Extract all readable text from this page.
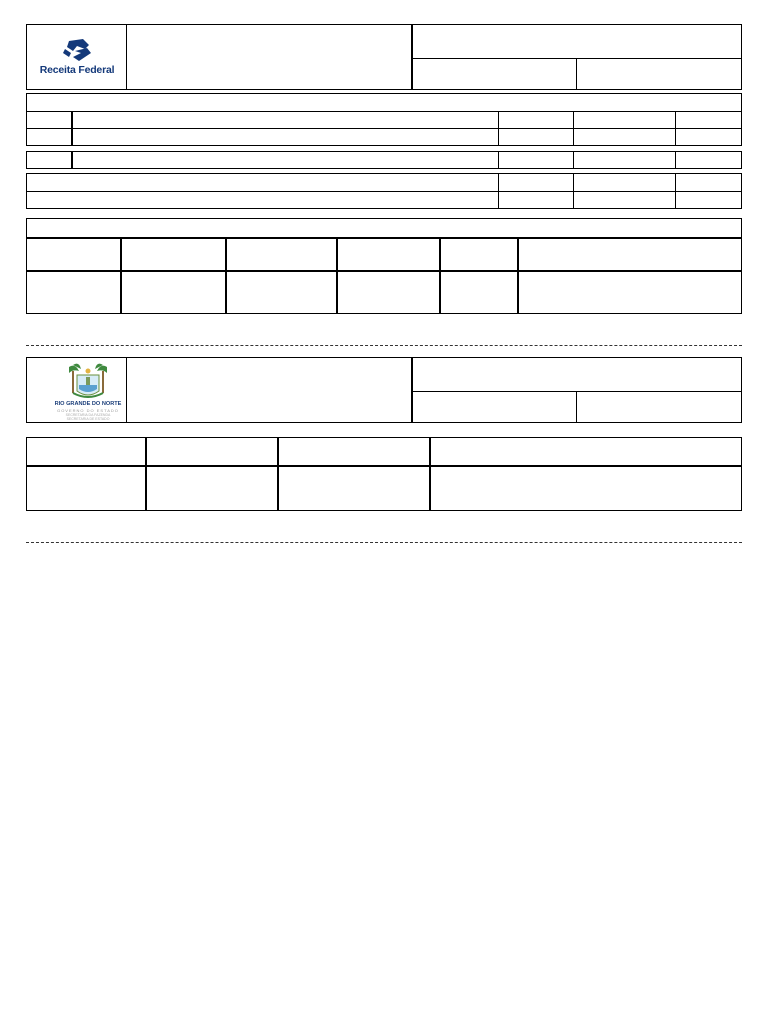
Receita Federal
RIO GRANDE DO NORTE
GOVERNO DO ESTADO
SECRETARIA DA FAZENDA
SECRETARIA DE ESTADO
